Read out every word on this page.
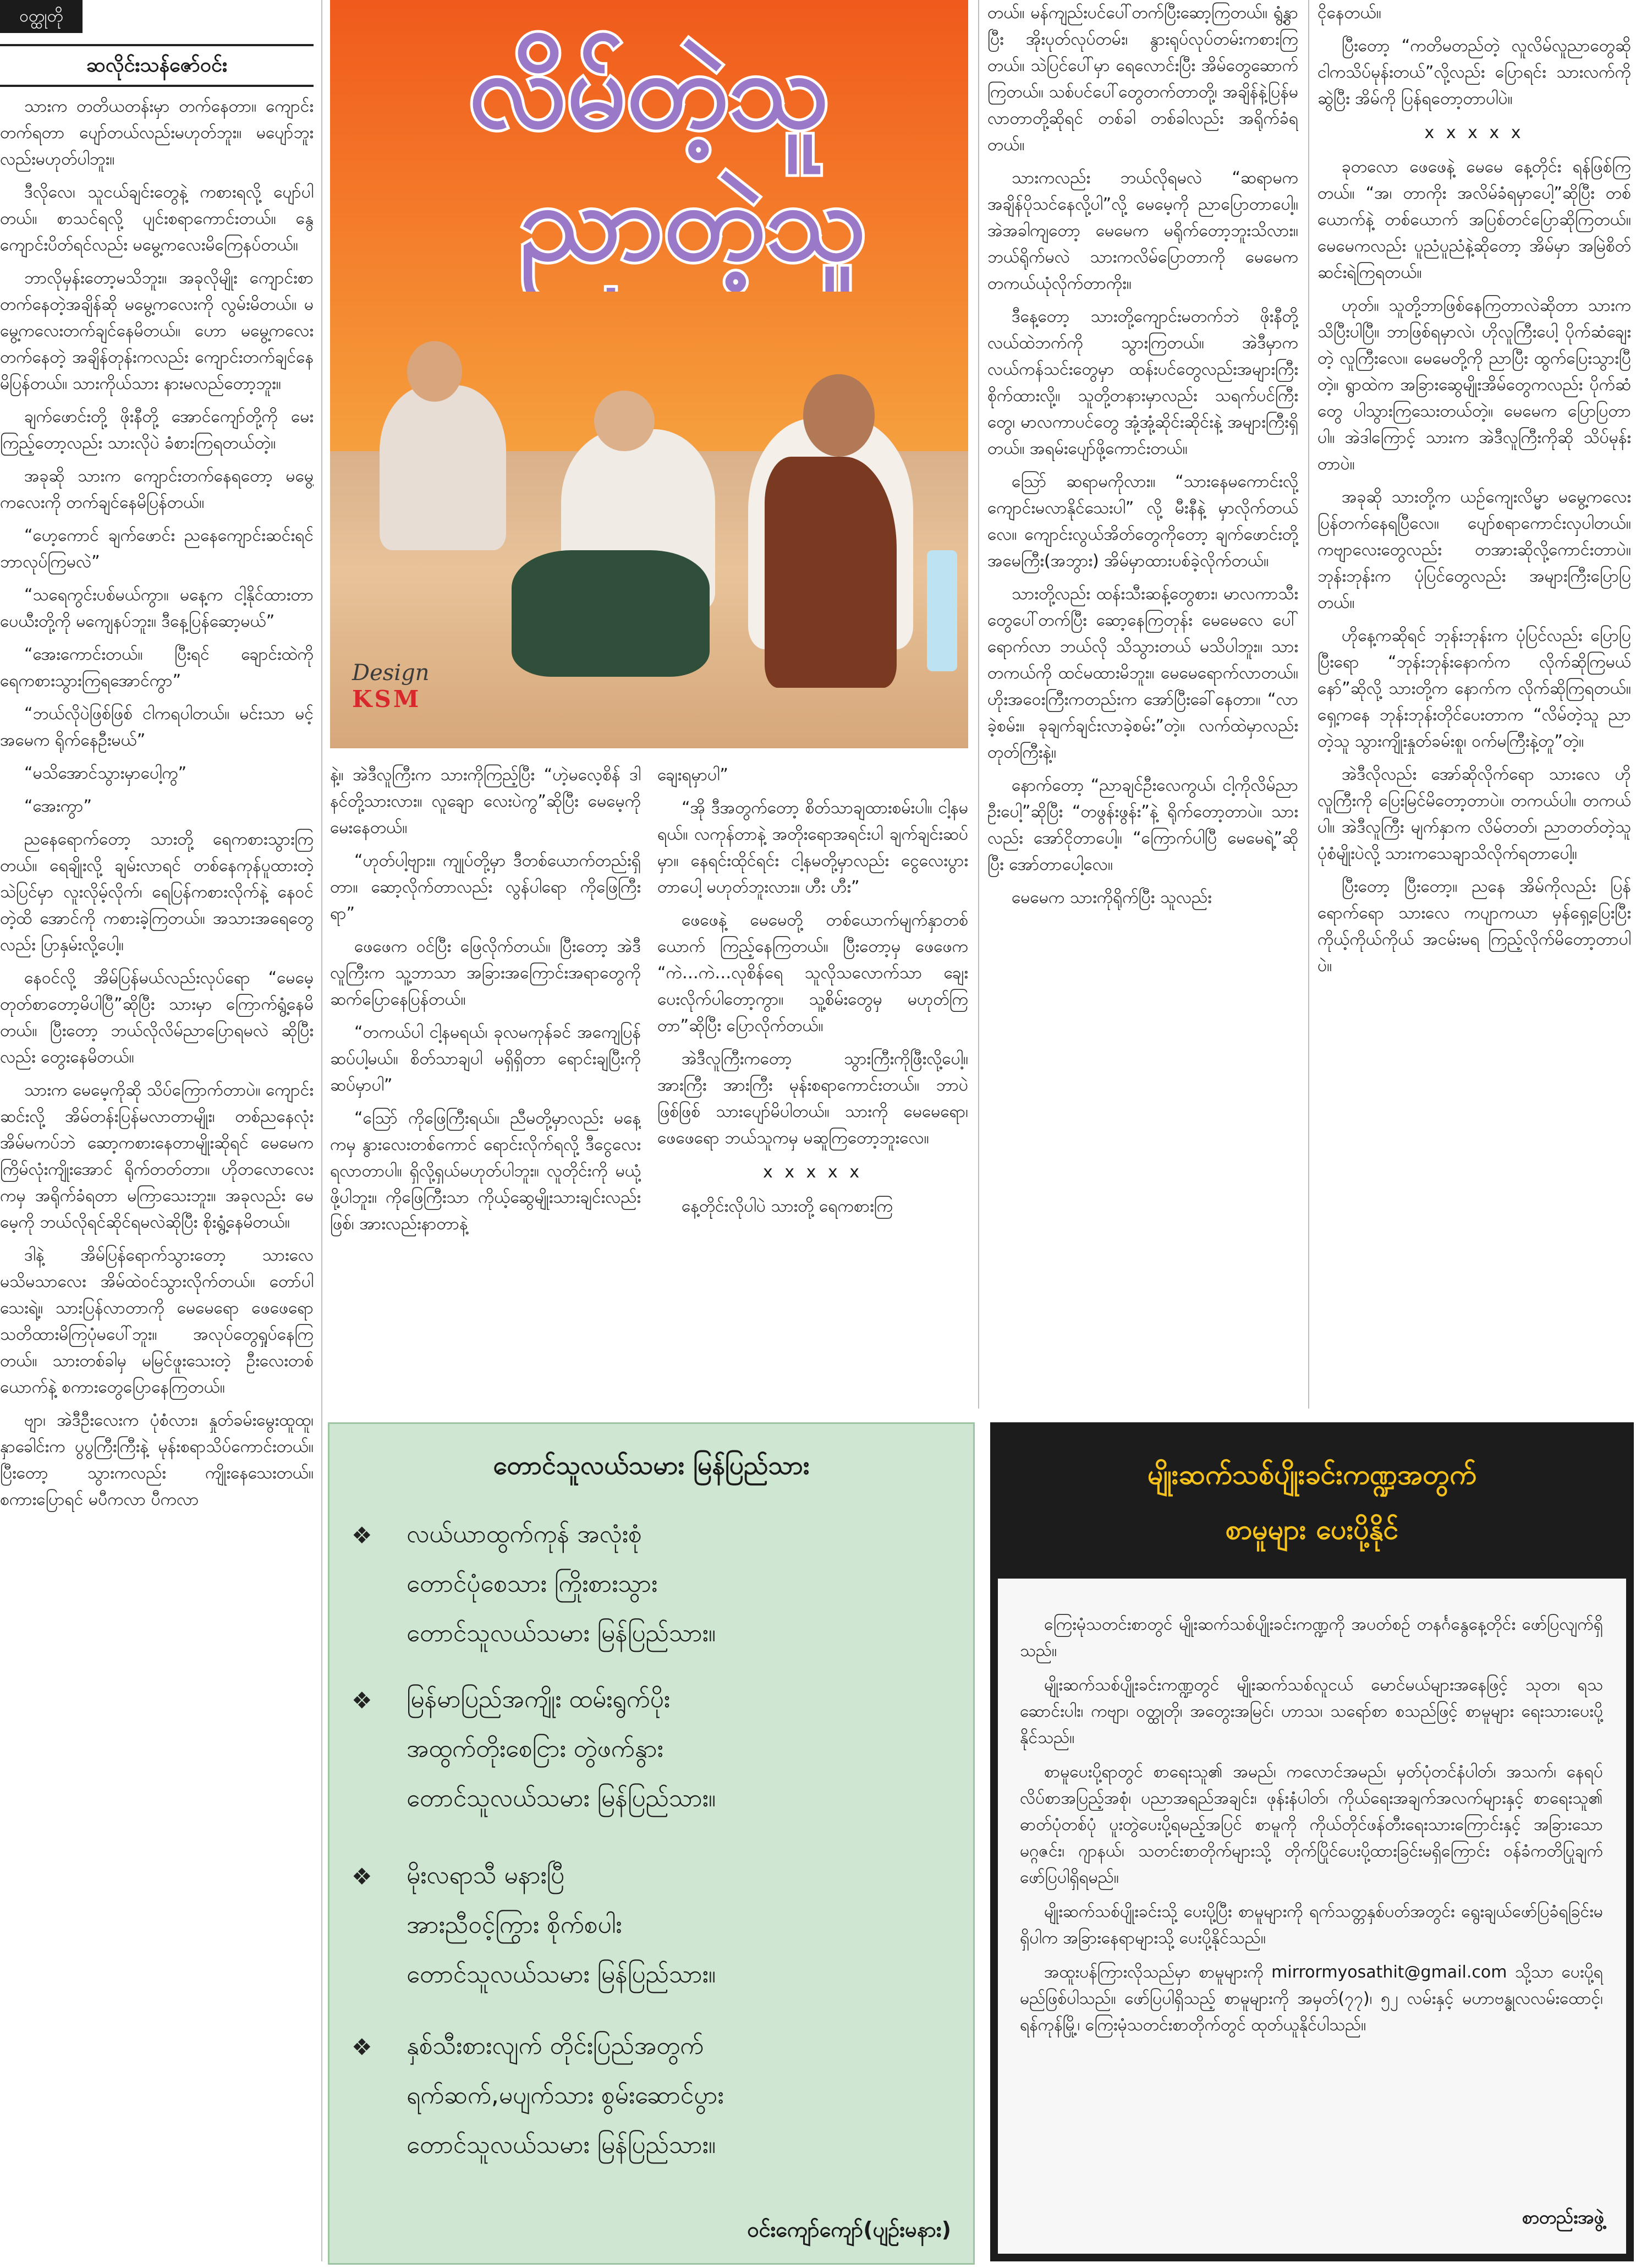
ဝတ္ထုတို
ဆလိုင်းသန်ဇော်ဝင်း

သားက တတိယတန်းမှာ တက်နေတာ။ ကျောင်းတက်ရတာ ပျော်တယ်လည်းမဟုတ်ဘူး။ မပျော်ဘူးလည်းမဟုတ်ပါဘူး။

ဒီလိုလေ၊ သူငယ်ချင်းတွေနဲ့ ကစားရလို့ ပျော်ပါတယ်။ စာသင်ရလို့ ပျင်းစရာကောင်းတယ်။ နွေကျောင်းပိတ်ရင်လည်း မမွေ့ကလေးမိကြေနပ်တယ်။

ဘာလိုမှန်းတော့မသိဘူး။ အခုလိုမျိုး ကျောင်းစာတက်နေတဲ့အချိန်ဆို မမွေ့ကလေးကို လွမ်းမိတယ်။ မမွေ့ကလေးတက်ချင်နေမိတယ်။ ဟော မမွေ့ကလေးတက်နေတဲ့ အချိန်တုန်းကလည်း ကျောင်းတက်ချင်နေမိပြန်တယ်။ သားကိုယ်သား နားမလည်တော့ဘူး။

ချက်ဖောင်းတို့ ဖိုးနီတို့ အောင်ကျော်တို့ကို မေးကြည့်တော့လည်း သားလိုပဲ ခံစားကြရတယ်တဲ့။

အခုဆို သားက ကျောင်းတက်နေရတော့ မမွေ့ကလေးကို တက်ချင်နေမိပြန်တယ်။

“ဟေ့ကောင် ချက်ဖောင်း ညနေကျောင်းဆင်းရင် ဘာလုပ်ကြမလဲ”

“သရေကွင်းပစ်မယ်ကွာ။ မနေ့က ငါ့နိုင်ထားတာ ပေယီးတို့ကို မကျေနပ်ဘူး။ ဒီနေ့ပြန်ဆော့မယ်”

“အေးကောင်းတယ်။ ပြီးရင် ချောင်းထဲကို ရေကစားသွားကြရအောင်ကွာ”

“ဘယ်လိုပဲဖြစ်ဖြစ် ငါကရပါတယ်။ မင်းသာ မင့်အမေက ရိုက်နေဦးမယ်”

“မသိအောင်သွားမှာပေါ့ကွ”

“အေးကွာ”

ညနေရောက်တော့ သားတို့ ရေကစားသွားကြတယ်။ ရေချိုးလို့ ချမ်းလာရင် တစ်နေကုန်ပူထားတဲ့ သဲပြင်မှာ လူးလိုမ့်လိုက်၊ ရေပြန်ကစားလိုက်နဲ့ နေဝင်တဲ့ထိ အောင်ကို ကစားခဲ့ကြတယ်။ အသားအရေတွေလည်း ပြာနှမ်းလို့ပေါ့။

နေဝင်လို့ အိမ်ပြန်မယ်လည်းလုပ်ရော “မေမေ့တုတ်စာတော့မိပါပြီ”ဆိုပြီး သားမှာ ကြောက်ရွံ့နေမိတယ်။ ပြီးတော့ ဘယ်လိုလိမ်ညာပြောရမလဲ ဆိုပြီးလည်း တွေးနေမိတယ်။

သားက မေမေ့ကိုဆို သိပ်ကြောက်တာပဲ။ ကျောင်းဆင်းလို့ အိမ်တန်းပြန်မလာတာမျိုး၊ တစ်ညနေလုံး အိမ်မကပ်ဘဲ ဆော့ကစားနေတာမျိုးဆိုရင် မေမေက ကြိမ်လုံးကျိုးအောင် ရိုက်တတ်တာ။ ဟိုတလောလေးကမှ အရိုက်ခံရတာ မကြာသေးဘူး။ အခုလည်း မေမေ့ကို ဘယ်လိုရင်ဆိုင်ရမလဲဆိုပြီး စိုးရွံ့နေမိတယ်။

ဒါနဲ့ အိမ်ပြန်ရောက်သွားတော့ သားလေ မသိမသာလေး အိမ်ထဲဝင်သွားလိုက်တယ်။ တော်ပါသေးရဲ့။ သားပြန်လာတာကို မေမေရော ဖေဖေရော သတိထားမိကြပုံမပေါ်ဘူး။ အလုပ်တွေရှုပ်နေကြတယ်။ သားတစ်ခါမှ မမြင်ဖူးသေးတဲ့ ဦးလေးတစ်ယောက်နဲ့ စကားတွေပြောနေကြတယ်။

ဗျာ၊ အဲဒီဦးလေးက ပုံစံလား၊ နှုတ်ခမ်းမွေးထူထူ၊ နှာခေါင်းက ပွပွကြီးကြီးနဲ့ မုန်းစရာသိပ်ကောင်းတယ်။ ပြီးတော့ သွားကလည်း ကျိုးနေသေးတယ်။ စကားပြောရင် မပီကလာ ပီကလာ

လိမ်တဲ့သူ
ညာတဲ့သူ
Design
KSM

နဲ့။ အဲဒီလူကြီးက သားကိုကြည့်ပြီး “ဟဲ့မလေ့စိန် ဒါနင်တို့သားလား။ လူချော လေးပဲကွ”ဆိုပြီး မေမေ့ကို မေးနေတယ်။

“ဟုတ်ပါ့ဗျား။ ကျုပ်တို့မှာ ဒီတစ်ယောက်တည်းရှိတာ။ ဆော့လိုက်တာလည်း လွန်ပါရော ကိုဖြေကြီးရာ”

ဖေဖေက ဝင်ပြီး ဖြေလိုက်တယ်။ ပြီးတော့ အဲဒီလူကြီးက သူ့ဘာသာ အခြားအကြောင်းအရာတွေကို ဆက်ပြောနေပြန်တယ်။

“တကယ်ပါ ငါ့နမရယ်၊ ခုလမကုန်ခင် အကျေပြန်ဆပ်ပါ့မယ်။ စိတ်သာချပါ မရှိရှိတာ ရောင်းချပြီးကို ဆပ်မှာပါ”

“ဩော် ကိုဖြေကြီးရယ်။ ညီမတို့မှာလည်း မနေ့ကမှ နွားလေးတစ်ကောင် ရောင်းလိုက်ရလို့ ဒီငွေလေးရလာတာပါ။ ရှိလို့ရှယ်မဟုတ်ပါဘူး။ လူတိုင်းကို မယုံ့ဖို့ပါဘူး။ ကိုဖြေကြီးသာ ကိုယ့်ဆွေမျိုးသားချင်းလည်းဖြစ်၊ အားလည်းနာတာနဲ့

ချေးရမှာပါ”

“အို ဒီအတွက်တော့ စိတ်သာချထားစမ်းပါ။ ငါ့နမရယ်။ လကုန်တာနဲ့ အတိုးရောအရင်းပါ ချက်ချင်းဆပ်မှာ။ နေရင်းထိုင်ရင်း ငါ့နမတို့မှာလည်း ငွေလေးပွားတာပေါ့ မဟုတ်ဘူးလား။ ဟီး ဟီး”

ဖေဖေနဲ့ မေမေတို့ တစ်ယောက်မျက်နှာတစ်ယောက် ကြည့်နေကြတယ်။ ပြီးတော့မှ ဖေဖေက “ကဲ…ကဲ…လုစိန်ရေ သူလိုသလောက်သာ ချေးပေးလိုက်ပါတော့ကွာ။ သူ့စိမ်းတွေမှ မဟုတ်ကြတာ”ဆိုပြီး ပြောလိုက်တယ်။

အဲဒီလူကြီးကတော့ သွားကြီးကိုဖြီးလို့ပေါ့။ အားကြီး အားကြီး မုန်းစရာကောင်းတယ်။ ဘာပဲဖြစ်ဖြစ် သားပျော်မိပါတယ်။ သားကို မေမေရော၊ ဖေဖေရော ဘယ်သူကမှ မဆူကြတော့ဘူးလေ။

x x x x x

နေ့တိုင်းလိုပါပဲ သားတို့ ရေကစားကြ

တယ်။ မန်ကျည်းပင်ပေါ်တက်ပြီးဆော့ကြတယ်။ ရွံ့နွာပြီး အိုးပုတ်လုပ်တမ်း၊ နွားရုပ်လုပ်တမ်းကစားကြတယ်။ သဲပြင်ပေါ်မှာ ရေလောင်းပြီး အိမ်တွေဆောက်ကြတယ်။ သစ်ပင်ပေါ်တွေတက်တာတို့၊ အချိန်နဲ့ပြန်မလာတာတို့ဆိုရင် တစ်ခါ တစ်ခါလည်း အရိုက်ခံရတယ်။

သားကလည်း ဘယ်လိုရမလဲ “ဆရာမက အချိန်ပိုသင်နေလို့ပါ”လို့ မေမေ့ကို ညာပြောတာပေါ့။ အဲအခါကျတော့ မေမေက မရိုက်တော့ဘူးသိလား။ ဘယ်ရိုက်မလဲ သားကလိမ်ပြောတာကို မေမေက တကယ်ယုံလိုက်တာကိုး။

ဒီနေ့တော့ သားတို့ကျောင်းမတက်ဘဲ ဖိုးနီတို့ လယ်ထဲဘက်ကို သွားကြတယ်။ အဲဒီမှာက လယ်ကန်သင်းတွေမှာ ထန်းပင်တွေလည်းအများကြီး စိုက်ထားလို့။ သူတို့တနားမှာလည်း သရက်ပင်ကြီးတွေ၊ မာလကာပင်တွေ အုံ့အုံ့ဆိုင်းဆိုင်းနဲ့ အများကြီးရှိတယ်။ အရမ်းပျော်ဖို့ကောင်းတယ်။

ဩော် ဆရာမကိုလား။ “သားနေမကောင်းလို့ ကျောင်းမလာနိုင်သေးပါ” လို့ မီးနီနဲ့ မှာလိုက်တယ်လေ။ ကျောင်းလွယ်အိတ်တွေကိုတော့ ချက်ဖောင်းတို့ အမေကြီး(အဘွား) အိမ်မှာထားပစ်ခဲ့လိုက်တယ်။

သားတို့လည်း ထန်းသီးဆန့်တွေစား၊ မာလကာသီးတွေပေါ်တက်ပြီး ဆော့နေကြတုန်း မေမေလေ ပေါ်ရောက်လာ ဘယ်လို သိသွားတယ် မသိပါဘူး။ သားတကယ်ကို ထင်မထားမိဘူး။ မေမေရောက်လာတယ်။ ဟိုးအဝေးကြီးကတည်းက အော်ပြီးခေါ်နေတာ။ “လာခဲ့စမ်း။ ခုချက်ချင်းလာခဲ့စမ်း”တဲ့။ လက်ထဲမှာလည်း တုတ်ကြီးနဲ့။

နောက်တော့ “ညာချင်ဦးလေကွယ်၊ ငါ့ကိုလိမ်ညာဦးပေါ့”ဆိုပြီး “တဖွန်းဖွန်း”နဲ့ ရိုက်တော့တာပဲ။ သားလည်း အော်ငိုတာပေါ့။ “ကြောက်ပါပြီ မေမေရဲ့”ဆိုပြီး အော်တာပေါ့လေ။

မေမေက သားကိုရိုက်ပြီး သူလည်း

ငိုနေတယ်။

ပြီးတော့ “ကတိမတည်တဲ့ လူလိမ်လူညာတွေဆို ငါကသိပ်မုန်းတယ်”လို့လည်း ပြောရင်း သားလက်ကိုဆွဲပြီး အိမ်ကို ပြန်ရတော့တာပါပဲ။

x x x x x

ခုတလော ဖေဖေနဲ့ မေမေ နေ့တိုင်း ရန်ဖြစ်ကြတယ်။ “အ၊ တာကိုး အလိမ်ခံရမှာပေါ့”ဆိုပြီး တစ်ယောက်နဲ့ တစ်ယောက် အပြစ်တင်ပြောဆိုကြတယ်။ မေမေကလည်း ပူညံပူညံနဲ့ဆိုတော့ အိမ်မှာ အမြဲစိတ်ဆင်းရဲကြရတယ်။

ဟုတ်။ သူတို့ဘာဖြစ်နေကြတာလဲဆိုတာ သားကသိပြီးပါပြီ။ ဘာဖြစ်ရမှာလဲ၊ ဟိုလူကြီးပေါ့ ပိုက်ဆံချေးတဲ့ လူကြီးလေ။ မေမေတို့ကို ညာပြီး ထွက်ပြေးသွားပြီတဲ့။ ရွာထဲက အခြားဆွေမျိုးအိမ်တွေကလည်း ပိုက်ဆံတွေ ပါသွားကြသေးတယ်တဲ့။ မေမေက ပြောပြတာပါ။ အဲဒါကြောင့် သားက အဲဒီလူကြီးကိုဆို သိပ်မုန်းတာပဲ။

အခုဆို သားတို့က ယဉ်ကျေးလိမ္မာ မမွေ့ကလေးပြန်တက်နေရပြီလေ။ ပျော်စရာကောင်းလှပါတယ်။ ကဗျာလေးတွေလည်း တအားဆိုလို့ကောင်းတာပဲ။ ဘုန်းဘုန်းက ပုံပြင်တွေလည်း အများကြီးပြောပြတယ်။

ဟိုနေ့ကဆိုရင် ဘုန်းဘုန်းက ပုံပြင်လည်း ပြောပြပြီးရော “ဘုန်းဘုန်းနောက်က လိုက်ဆိုကြမယ်နော်”ဆိုလို့ သားတို့က နောက်က လိုက်ဆိုကြရတယ်။ ရှေ့ကနေ ဘုန်းဘုန်းတိုင်ပေးတာက “လိမ်တဲ့သူ ညာတဲ့သူ သွားကျိုးနှုတ်ခမ်းစူ၊ ဝက်မကြီးနဲ့တူ”တဲ့။

အဲဒီလိုလည်း အော်ဆိုလိုက်ရော သားလေ ဟိုလူကြီးကို ပြေးမြင်မိတော့တာပဲ။ တကယ်ပါ။ တကယ်ပါ။ အဲဒီလူကြီး မျက်နှာက လိမ်တတ်၊ ညာတတ်တဲ့သူ ပုံစံမျိုးပဲလို့ သားကသေချာသိလိုက်ရတာပေါ့။

ပြီးတော့ ပြီးတော့။ ညနေ အိမ်ကိုလည်း ပြန်ရောက်ရော သားလေ ကပျာကယာ မှန်ရှေ့ပြေးပြီး ကိုယ့်ကိုယ်ကိုယ် အငမ်းမရ ကြည့်လိုက်မိတော့တာပါပဲ။

တောင်သူလယ်သမား မြန်ပြည်သား
❖ လယ်ယာထွက်ကုန် အလုံးစုံ
တောင်ပုံစေသား ကြိုးစားသွား
တောင်သူလယ်သမား မြန်ပြည်သား။
❖ မြန်မာပြည်အကျိုး ထမ်းရွက်ပိုး
အထွက်တိုးစေငြား တွဲဖက်နွား
တောင်သူလယ်သမား မြန်ပြည်သား။
❖ မိုးလရာသီ မနားပြီ
အားညီဝင့်ကြွား စိုက်စပါး
တောင်သူလယ်သမား မြန်ပြည်သား။
❖ နှစ်သီးစားလျက် တိုင်းပြည်အတွက်
ရက်ဆက်,မပျက်သား စွမ်းဆောင်ပွား
တောင်သူလယ်သမား မြန်ပြည်သား။
ဝင်းကျော်ကျော်(ပျဉ်းမနား)
မျိုးဆက်သစ်ပျိုးခင်းကဏ္ဍအတွက်
စာမူများ ပေးပို့နိုင်

ကြေးမုံသတင်းစာတွင် မျိုးဆက်သစ်ပျိုးခင်းကဏ္ဍကို အပတ်စဉ် တနင်္ဂနွေနေ့တိုင်း ဖော်ပြလျက်ရှိသည်။

မျိုးဆက်သစ်ပျိုးခင်းကဏ္ဍတွင် မျိုးဆက်သစ်လူငယ် မောင်မယ်များအနေဖြင့် သုတ၊ ရသဆောင်းပါး၊ ကဗျာ၊ ဝတ္ထုတို၊ အတွေးအမြင်၊ ဟာသ၊ သရော်စာ စသည်ဖြင့် စာမူများ ရေးသားပေးပို့နိုင်သည်။

စာမူပေးပို့ရာတွင် စာရေးသူ၏ အမည်၊ ကလောင်အမည်၊ မှတ်ပုံတင်နံပါတ်၊ အသက်၊ နေရပ်လိပ်စာအပြည့်အစုံ၊ ပညာအရည်အချင်း၊ ဖုန်းနံပါတ်၊ ကိုယ်ရေးအချက်အလက်များနှင့် စာရေးသူ၏ ဓာတ်ပုံတစ်ပုံ ပူးတွဲပေးပို့ရမည့်အပြင် စာမူကို ကိုယ်တိုင်ဖန်တီးရေးသားကြောင်းနှင့် အခြားသော မဂ္ဂဇင်း၊ ဂျာနယ်၊ သတင်းစာတိုက်များသို့ တိုက်ပြိုင်ပေးပို့ထားခြင်းမရှိကြောင်း ဝန်ခံကတိပြုချက် ဖော်ပြပါရှိရမည်။

မျိုးဆက်သစ်ပျိုးခင်းသို့ ပေးပို့ပြီး စာမူများကို ရက်သတ္တနှစ်ပတ်အတွင်း ရွေးချယ်ဖော်ပြခံရခြင်းမရှိပါက အခြားနေရာများသို့ ပေးပို့နိုင်သည်။

အထူးပန်ကြားလိုသည်မှာ စာမူများကို mirrormyosathit@gmail.com သို့သာ ပေးပို့ရမည်ဖြစ်ပါသည်။ ဖော်ပြပါရှိသည့် စာမူများကို အမှတ်(၇၇)၊ ၅၂ လမ်းနှင့် မဟာဗန္ဓုလလမ်းထောင့်၊ ရန်ကုန်မြို့၊ ကြေးမုံသတင်းစာတိုက်တွင် ထုတ်ယူနိုင်ပါသည်။

စာတည်းအဖွဲ့
